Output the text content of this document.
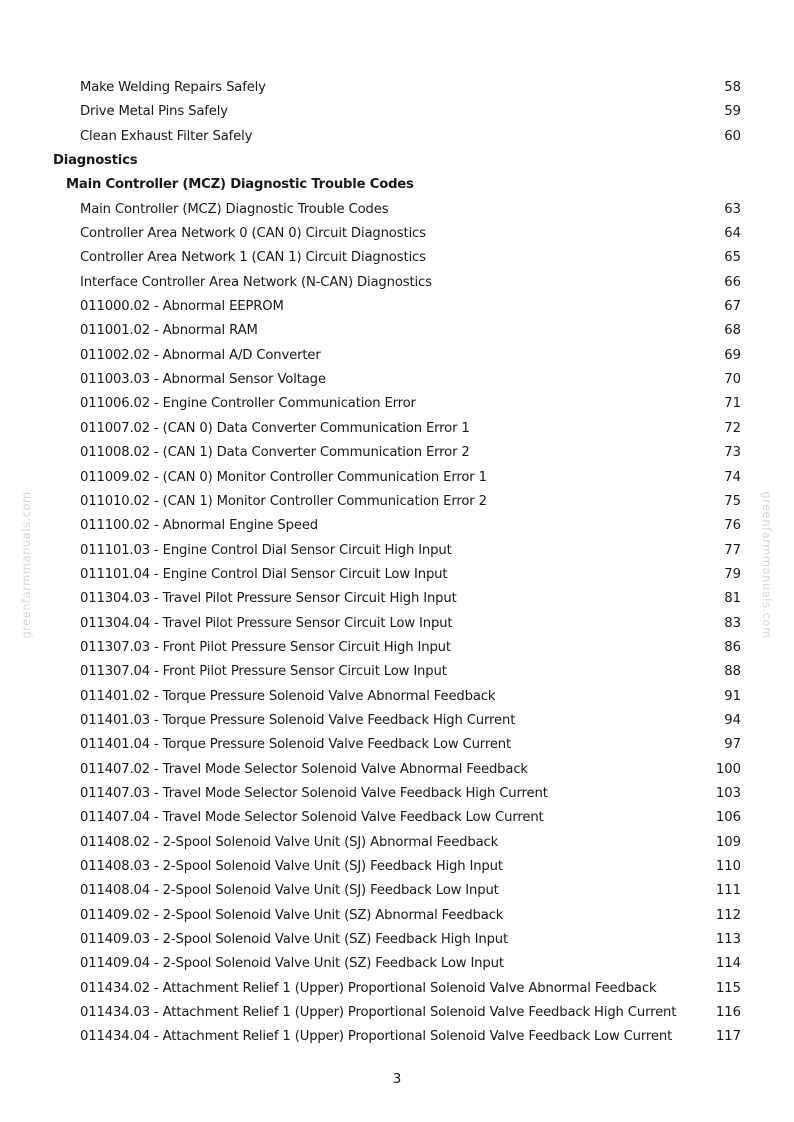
Make Welding Repairs Safely	58
Drive Metal Pins Safely	59
Clean Exhaust Filter Safely	60
Diagnostics
Main Controller (MCZ) Diagnostic Trouble Codes
Main Controller (MCZ) Diagnostic Trouble Codes	63
Controller Area Network 0 (CAN 0) Circuit Diagnostics	64
Controller Area Network 1 (CAN 1) Circuit Diagnostics	65
Interface Controller Area Network (N-CAN) Diagnostics	66
011000.02 - Abnormal EEPROM	67
011001.02 - Abnormal RAM	68
011002.02 - Abnormal A/D Converter	69
011003.03 - Abnormal Sensor Voltage	70
011006.02 - Engine Controller Communication Error	71
011007.02 - (CAN 0) Data Converter Communication Error 1	72
011008.02 - (CAN 1) Data Converter Communication Error 2	73
011009.02 - (CAN 0) Monitor Controller Communication Error 1	74
011010.02 - (CAN 1) Monitor Controller Communication Error 2	75
011100.02 - Abnormal Engine Speed	76
011101.03 - Engine Control Dial Sensor Circuit High Input	77
011101.04 - Engine Control Dial Sensor Circuit Low Input	79
011304.03 - Travel Pilot Pressure Sensor Circuit High Input	81
011304.04 - Travel Pilot Pressure Sensor Circuit Low Input	83
011307.03 - Front Pilot Pressure Sensor Circuit High Input	86
011307.04 - Front Pilot Pressure Sensor Circuit Low Input	88
011401.02 - Torque Pressure Solenoid Valve Abnormal Feedback	91
011401.03 - Torque Pressure Solenoid Valve Feedback High Current	94
011401.04 - Torque Pressure Solenoid Valve Feedback Low Current	97
011407.02 - Travel Mode Selector Solenoid Valve Abnormal Feedback	100
011407.03 - Travel Mode Selector Solenoid Valve Feedback High Current	103
011407.04 - Travel Mode Selector Solenoid Valve Feedback Low Current	106
011408.02 - 2-Spool Solenoid Valve Unit (SJ) Abnormal Feedback	109
011408.03 - 2-Spool Solenoid Valve Unit (SJ) Feedback High Input	110
011408.04 - 2-Spool Solenoid Valve Unit (SJ) Feedback Low Input	111
011409.02 - 2-Spool Solenoid Valve Unit (SZ) Abnormal Feedback	112
011409.03 - 2-Spool Solenoid Valve Unit (SZ) Feedback High Input	113
011409.04 - 2-Spool Solenoid Valve Unit (SZ) Feedback Low Input	114
011434.02 - Attachment Relief 1 (Upper) Proportional Solenoid Valve Abnormal Feedback	115
011434.03 - Attachment Relief 1 (Upper) Proportional Solenoid Valve Feedback High Current	116
011434.04 - Attachment Relief 1 (Upper) Proportional Solenoid Valve Feedback Low Current	117
3
greenfarmmanuals.com	greenfarmmanuals.com
